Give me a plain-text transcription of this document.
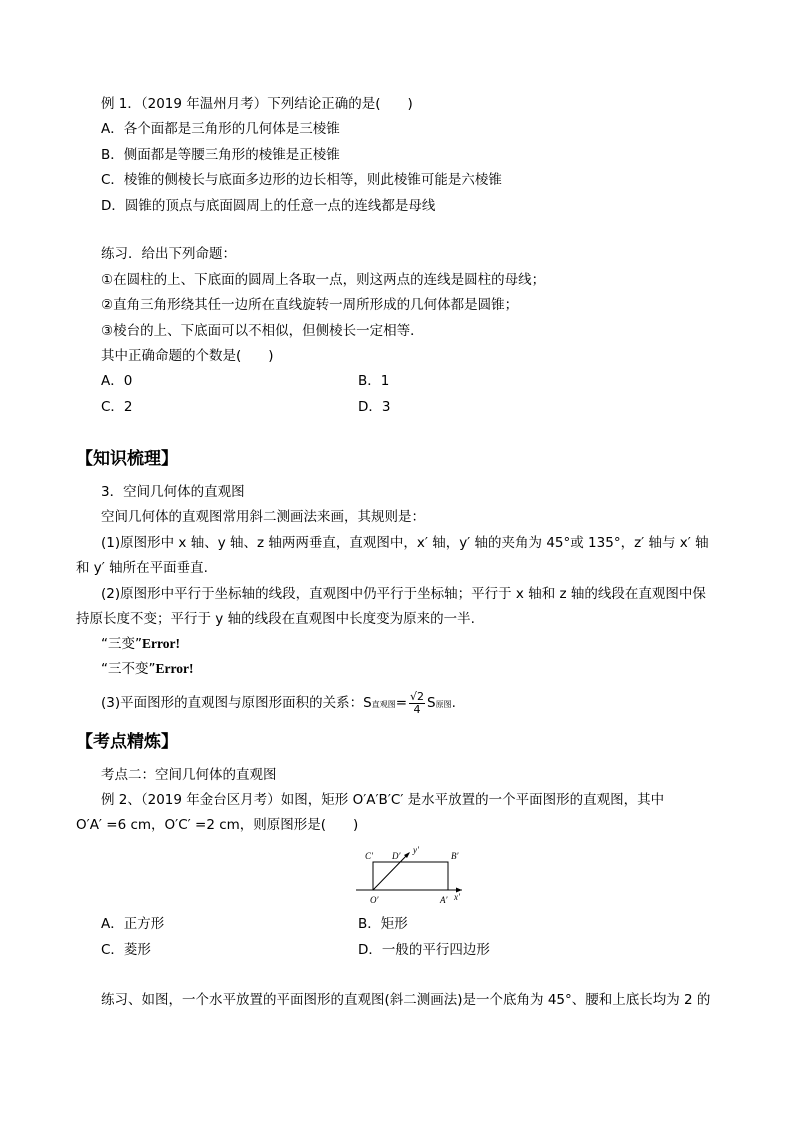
例 1．（2019 年温州月考）下列结论正确的是(　　)
A．各个面都是三角形的几何体是三棱锥
B．侧面都是等腰三角形的棱锥是正棱锥
C．棱锥的侧棱长与底面多边形的边长相等，则此棱锥可能是六棱锥
D．圆锥的顶点与底面圆周上的任意一点的连线都是母线
练习．给出下列命题：
①在圆柱的上、下底面的圆周上各取一点，则这两点的连线是圆柱的母线；
②直角三角形绕其任一边所在直线旋转一周所形成的几何体都是圆锥；
③棱台的上、下底面可以不相似，但侧棱长一定相等．
其中正确命题的个数是(　　)
A．0	B．1
C．2	D．3
【知识梳理】
3．空间几何体的直观图
空间几何体的直观图常用斜二测画法来画，其规则是：
(1)原图形中 x 轴、y 轴、z 轴两两垂直，直观图中，x′ 轴，y′ 轴的夹角为 45°或 135°，z′ 轴与 x′ 轴
和 y′ 轴所在平面垂直.
(2)原图形中平行于坐标轴的线段，直观图中仍平行于坐标轴；平行于 x 轴和 z 轴的线段在直观图中保
持原长度不变；平行于 y 轴的线段在直观图中长度变为原来的一半.
“三变”Error!
“三不变”Error!
(3)平面图形的直观图与原图形面积的关系：S直观图= $\frac{√2}{4}$ S原图.
【考点精炼】
考点二：空间几何体的直观图
例 2、（2019 年金台区月考）如图，矩形 O′A′B′C′ 是水平放置的一个平面图形的直观图，其中
O′A′ =6 cm，O′C′ =2 cm，则原图形是(　　)
C′ D′
y′
B′
O′	A′ x′
A．正方形	B．矩形
C．菱形	D．一般的平行四边形
练习、如图，一个水平放置的平面图形的直观图(斜二测画法)是一个底角为 45°、腰和上底长均为 2 的
